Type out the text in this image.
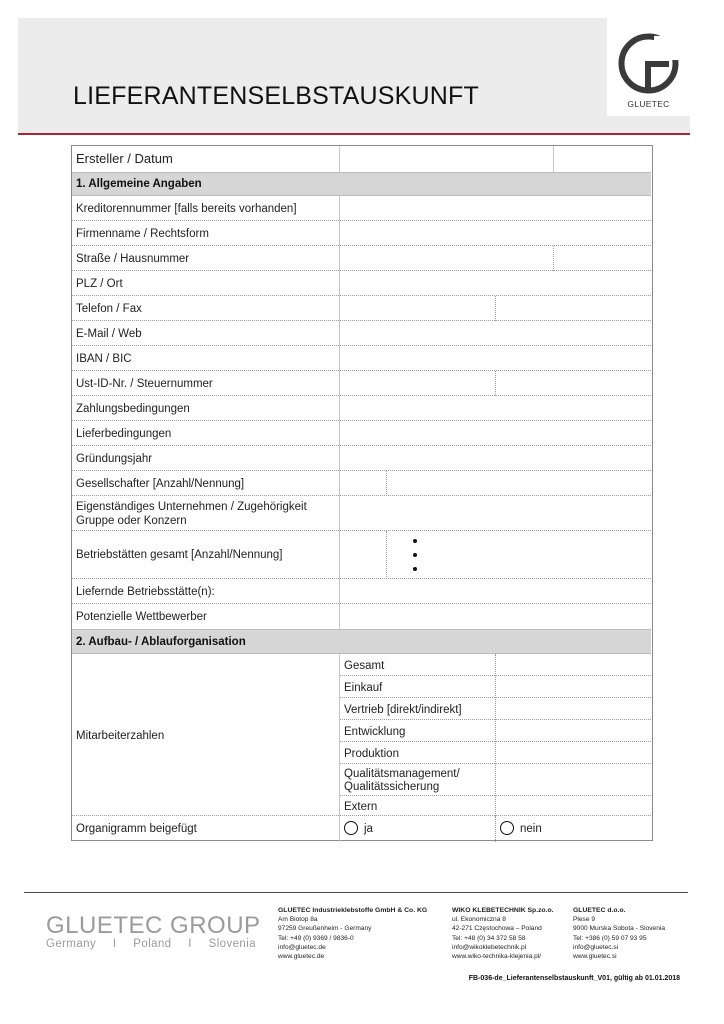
LIEFERANTENSELBSTAUSKUNFT	GLUETEC
Ersteller / Datum
1. Allgemeine Angaben
Kreditorennummer [falls bereits vorhanden]
Firmenname / Rechtsform
Straße / Hausnummer
PLZ / Ort
Telefon / Fax
E-Mail / Web
IBAN / BIC
Ust-ID-Nr. / Steuernummer
Zahlungsbedingungen
Lieferbedingungen
Gründungsjahr
Gesellschafter [Anzahl/Nennung]
Eigenständiges Unternehmen / Zugehörigkeit
Gruppe oder Konzern
Betriebstätten gesamt [Anzahl/Nennung]
Liefernde Betriebsstätte(n):
Potenzielle Wettbewerber
2. Aufbau- / Ablauforganisation
Mitarbeiterzahlen
Gesamt
Einkauf
Vertrieb [direkt/indirekt]
Entwicklung
Produktion
Qualitätsmanagement/
Qualitätssicherung
Extern
Organigramm beigefügt	ja	nein
GLUETEC GROUP
Germany   I   Poland   I   Slovenia
GLUETEC Industrieklebstoffe GmbH & Co. KG
Am Biotop 8a
97259 Greußenheim - Germany
Tel: +49 (0) 9369 / 9836-0
info@gluetec.de
www.gluetec.de
WIKO KLEBETECHNIK Sp.zo.o.
ul. Ekonomiczna 8
42-271 Częstochowa – Poland
Tel: +48 (0) 34 372 58 58
info@wikoklebetechnik.pl
www.wiko-technika-klejenia.pl/
GLUETEC d.o.o.
Plese 9
9000 Murska Sobota - Slovenia
Tel: +386 (0) 59 07 93 95
info@gluetec.si
www.gluetec.si
FB-036-de_Lieferantenselbstauskunft_V01, gültig ab 01.01.2018
